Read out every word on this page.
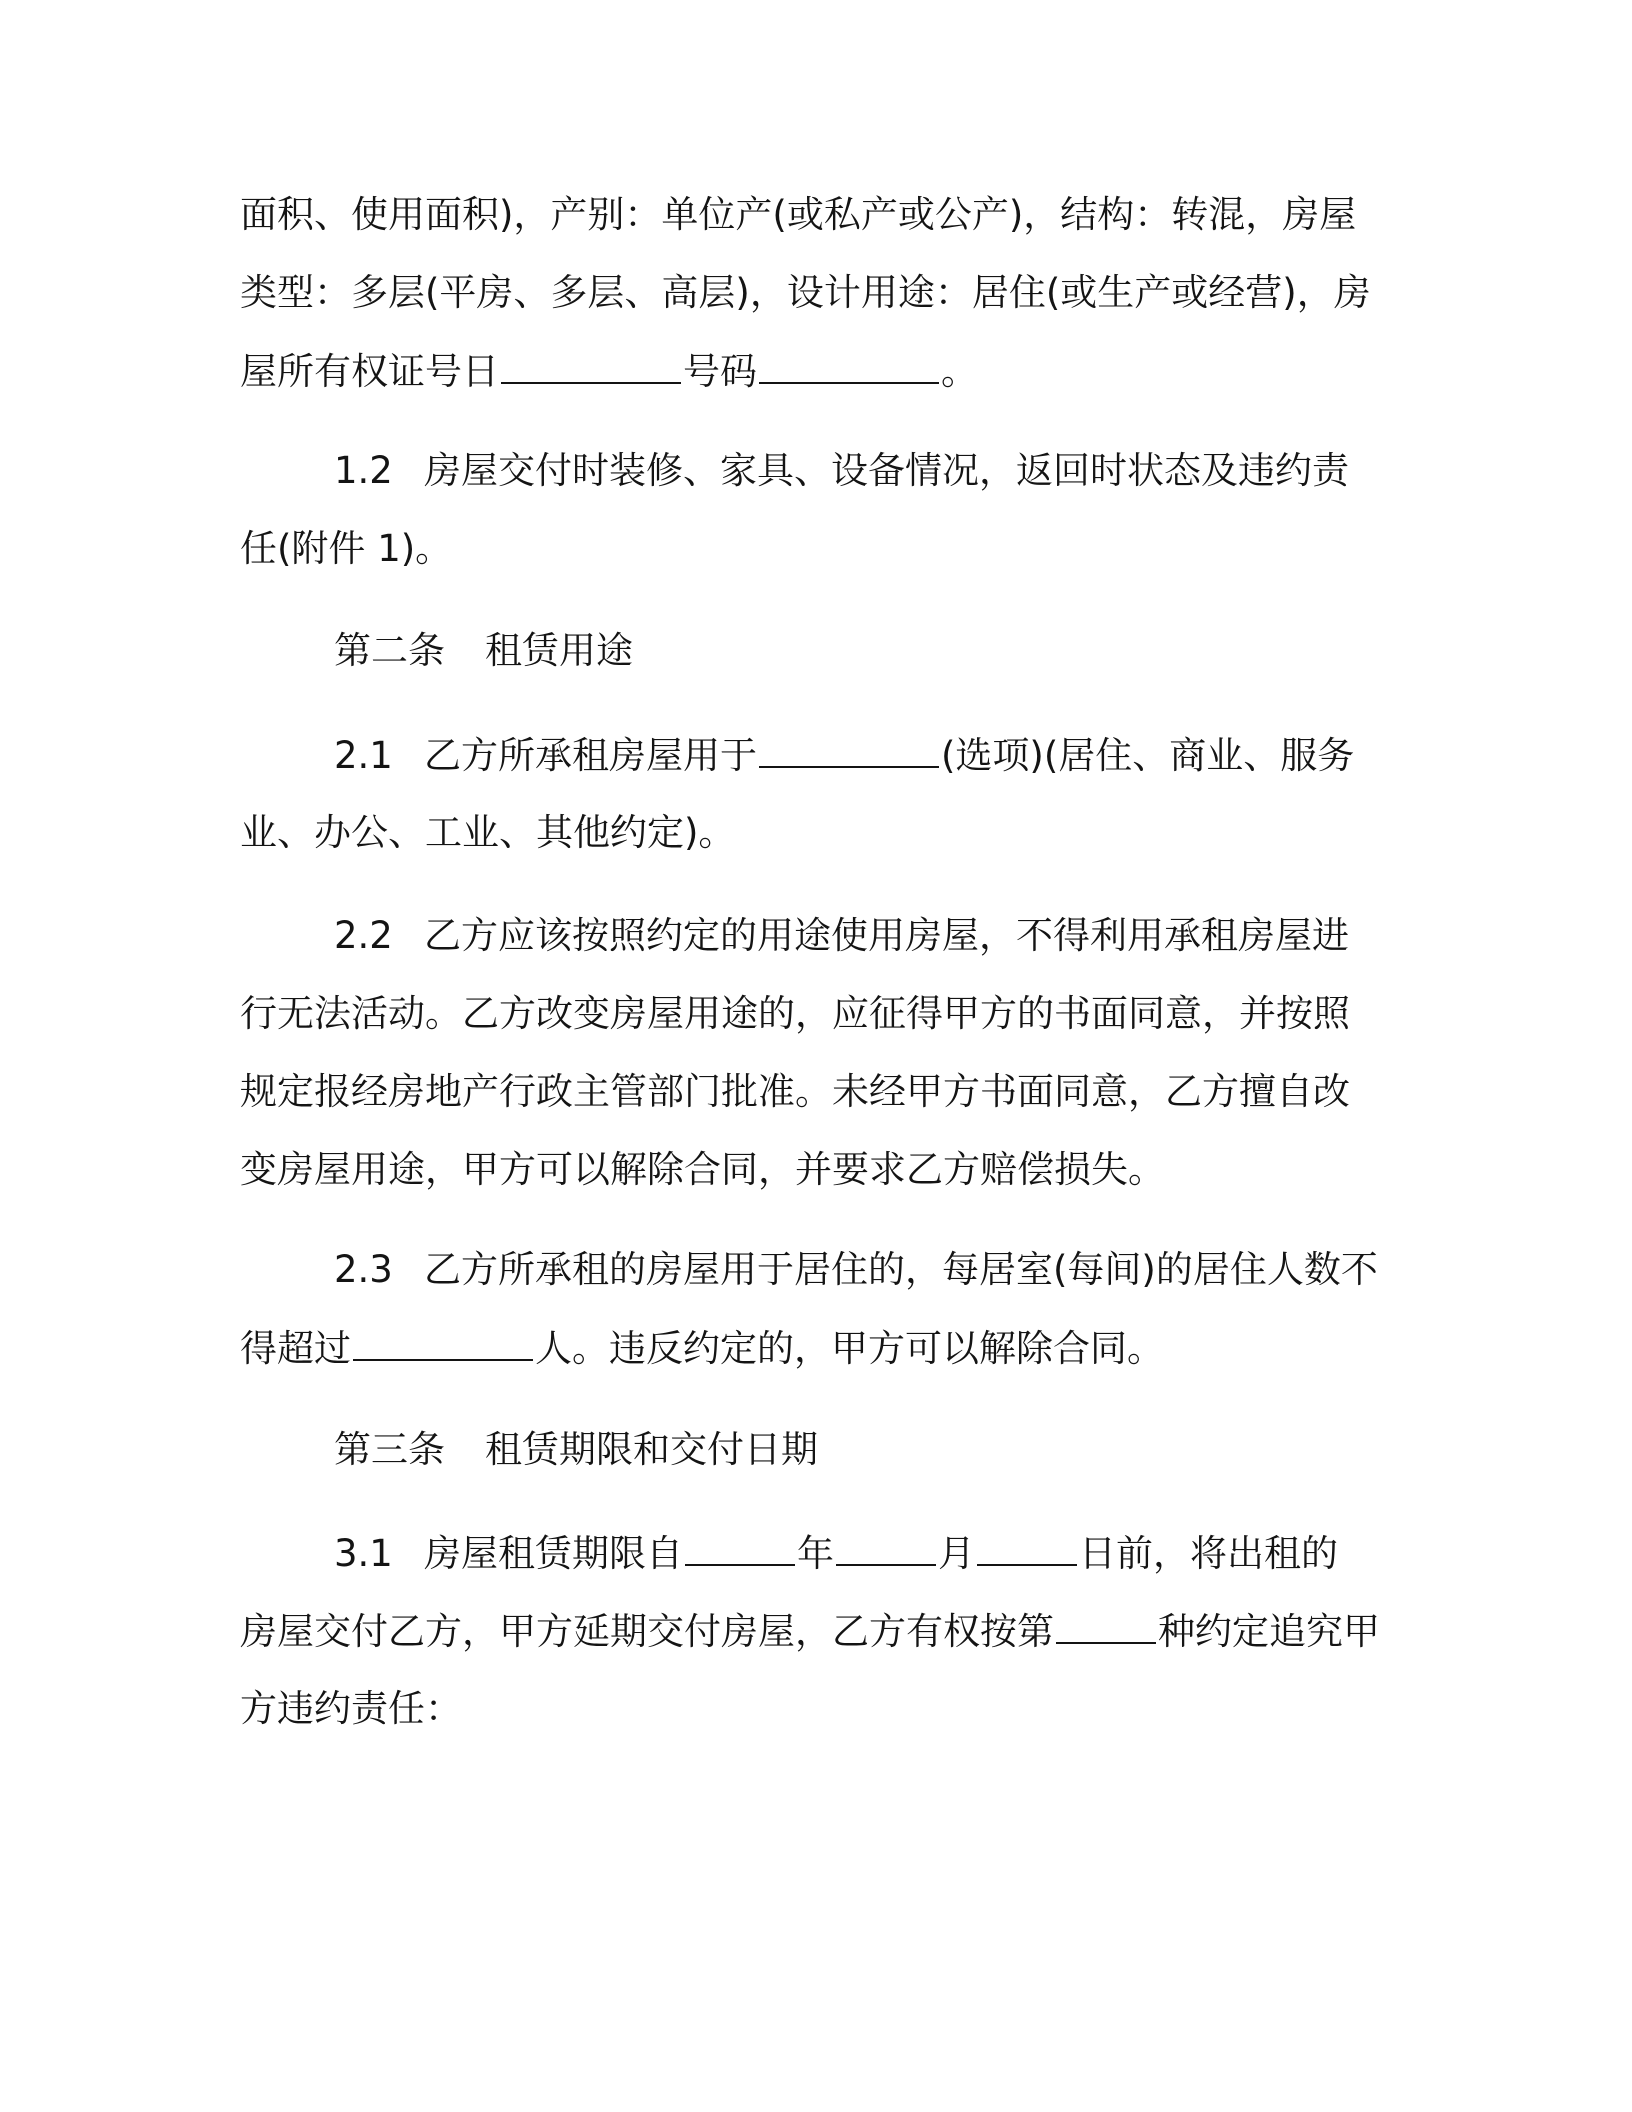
面积、使用面积)，产别：单位产(或私产或公产)，结构：转混，房屋
类型：多层(平房、多层、高层)，设计用途：居住(或生产或经营)，房
屋所有权证号日	号码	。
1.2 房屋交付时装修、家具、设备情况，返回时状态及违约责
任(附件 1)。
第二条 租赁用途
2.1 乙方所承租房屋用于	(选项)(居住、商业、服务
业、办公、工业、其他约定)。
2.2 乙方应该按照约定的用途使用房屋，不得利用承租房屋进
行无法活动。乙方改变房屋用途的，应征得甲方的书面同意，并按照
规定报经房地产行政主管部门批准。未经甲方书面同意，乙方擅自改
变房屋用途，甲方可以解除合同，并要求乙方赔偿损失。
2.3 乙方所承租的房屋用于居住的，每居室(每间)的居住人数不
得超过	人。违反约定的，甲方可以解除合同。
第三条 租赁期限和交付日期
3.1 房屋租赁期限自	年	月	日前，将出租的
房屋交付乙方，甲方延期交付房屋，乙方有权按第	种约定追究甲
方违约责任：
